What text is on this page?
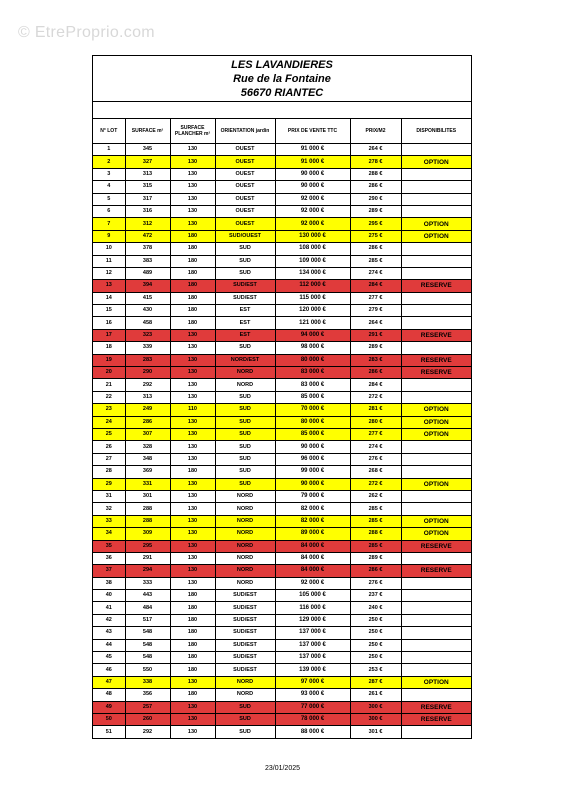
© EtreProprio.com
LES LAVANDIERES
Rue de la Fontaine
56670 RIANTEC
N° LOT	SURFACE m²	SURFACE PLANCHER m²	ORIENTATION jardin	PRIX DE VENTE TTC	PRIX/M2	DISPONIBILITES
1	345	130	OUEST	91 000 €	264 €	
2	327	130	OUEST	91 000 €	278 €	OPTION
3	313	130	OUEST	90 000 €	288 €	
4	315	130	OUEST	90 000 €	286 €	
5	317	130	OUEST	92 000 €	290 €	
6	316	130	OUEST	92 000 €	289 €	
7	312	130	OUEST	92 000 €	295 €	OPTION
9	472	180	SUD/OUEST	130 000 €	275 €	OPTION
10	378	180	SUD	108 000 €	286 €	
11	383	180	SUD	109 000 €	285 €	
12	489	180	SUD	134 000 €	274 €	
13	394	180	SUD/EST	112 000 €	284 €	RESERVE
14	415	180	SUD/EST	115 000 €	277 €	
15	430	180	EST	120 000 €	279 €	
16	458	180	EST	121 000 €	264 €	
17	323	130	EST	94 000 €	291 €	RESERVE
18	339	130	SUD	98 000 €	289 €	
19	283	130	NORD/EST	80 000 €	283 €	RESERVE
20	290	130	NORD	83 000 €	286 €	RESERVE
21	292	130	NORD	83 000 €	284 €	
22	313	130	SUD	85 000 €	272 €	
23	249	110	SUD	70 000 €	281 €	OPTION
24	286	130	SUD	80 000 €	280 €	OPTION
25	307	130	SUD	85 000 €	277 €	OPTION
26	328	130	SUD	90 000 €	274 €	
27	348	130	SUD	96 000 €	276 €	
28	369	180	SUD	99 000 €	268 €	
29	331	130	SUD	90 000 €	272 €	OPTION
31	301	130	NORD	79 000 €	262 €	
32	288	130	NORD	82 000 €	285 €	
33	288	130	NORD	82 000 €	285 €	OPTION
34	309	130	NORD	89 000 €	288 €	OPTION
35	295	130	NORD	84 000 €	285 €	RESERVE
36	291	130	NORD	84 000 €	289 €	
37	294	130	NORD	84 000 €	286 €	RESERVE
38	333	130	NORD	92 000 €	276 €	
40	443	180	SUD/EST	105 000 €	237 €	
41	484	180	SUD/EST	116 000 €	240 €	
42	517	180	SUD/EST	129 000 €	250 €	
43	548	180	SUD/EST	137 000 €	250 €	
44	548	180	SUD/EST	137 000 €	250 €	
45	548	180	SUD/EST	137 000 €	250 €	
46	550	180	SUD/EST	139 000 €	253 €	
47	338	130	NORD	97 000 €	287 €	OPTION
48	356	180	NORD	93 000 €	261 €	
49	257	130	SUD	77 000 €	300 €	RESERVE
50	260	130	SUD	78 000 €	300 €	RESERVE
51	292	130	SUD	88 000 €	301 €	
23/01/2025
